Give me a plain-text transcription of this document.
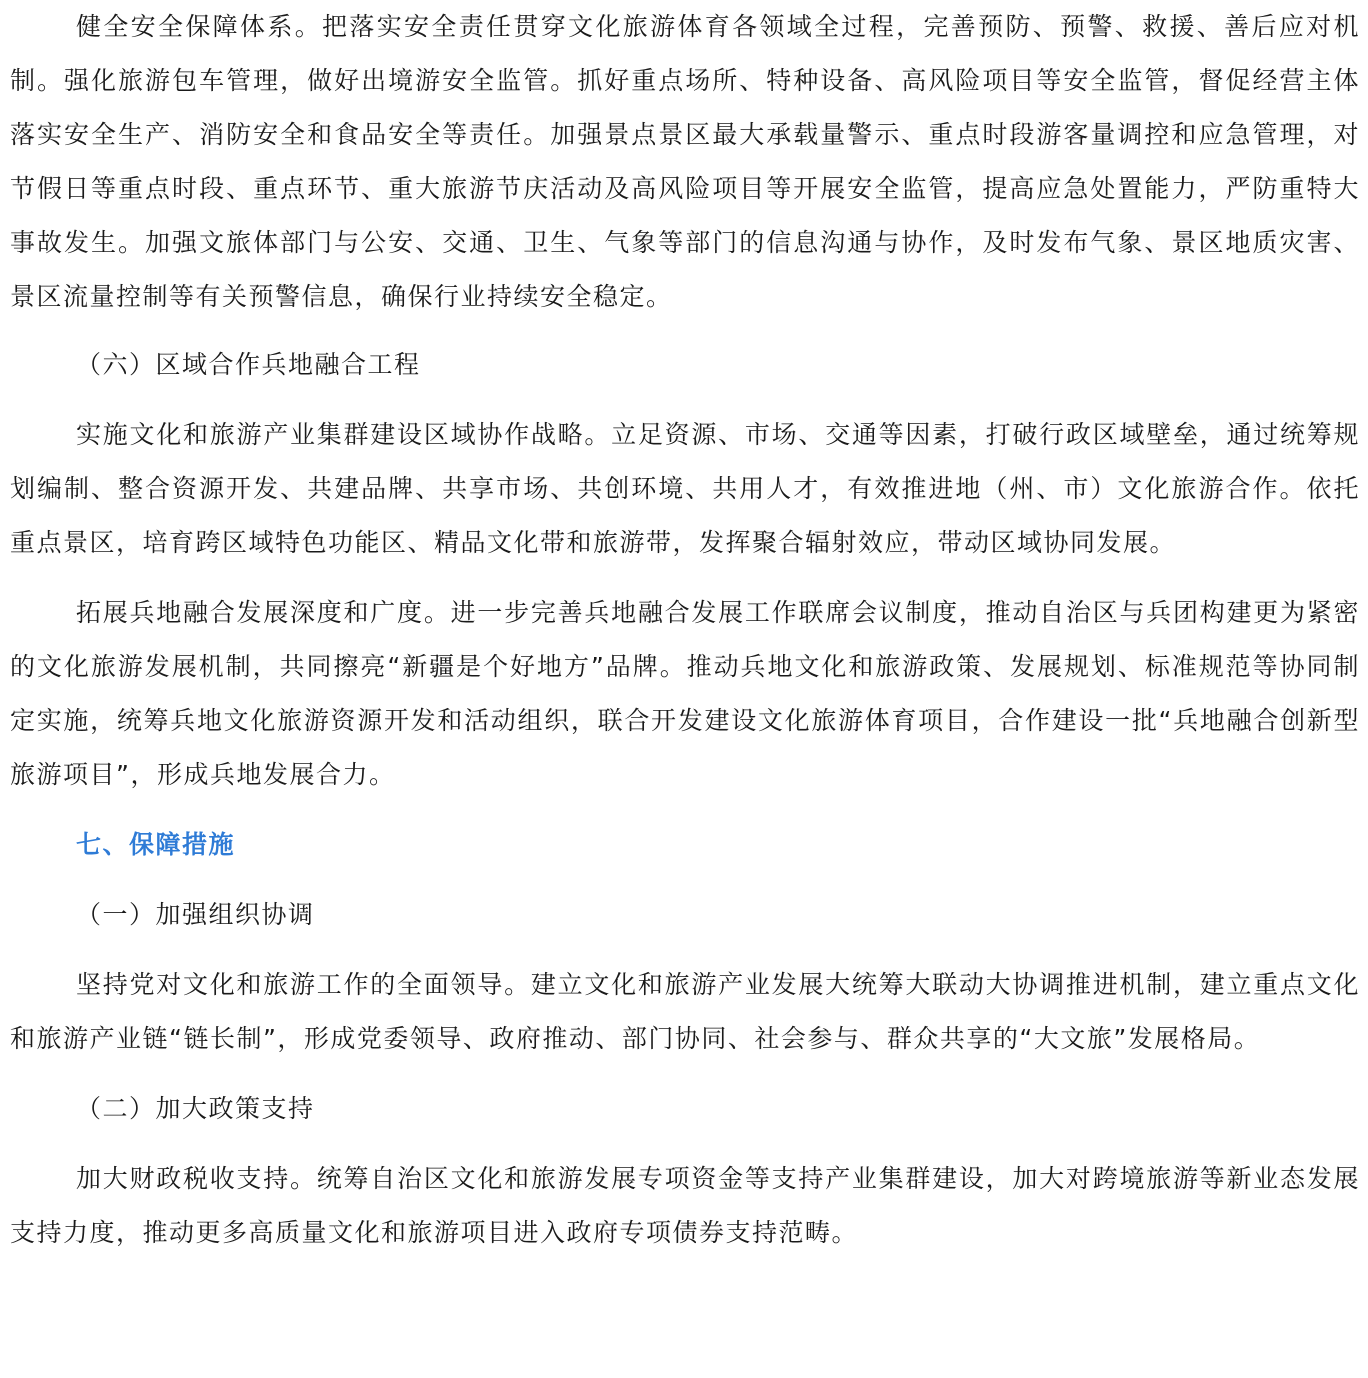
健全安全保障体系。把落实安全责任贯穿文化旅游体育各领域全过程，完善预防、预警、救援、善后应对机制。强化旅游包车管理，做好出境游安全监管。抓好重点场所、特种设备、高风险项目等安全监管，督促经营主体落实安全生产、消防安全和食品安全等责任。加强景点景区最大承载量警示、重点时段游客量调控和应急管理，对节假日等重点时段、重点环节、重大旅游节庆活动及高风险项目等开展安全监管，提高应急处置能力，严防重特大事故发生。加强文旅体部门与公安、交通、卫生、气象等部门的信息沟通与协作，及时发布气象、景区地质灾害、景区流量控制等有关预警信息，确保行业持续安全稳定。

（六）区域合作兵地融合工程

实施文化和旅游产业集群建设区域协作战略。立足资源、市场、交通等因素，打破行政区域壁垒，通过统筹规划编制、整合资源开发、共建品牌、共享市场、共创环境、共用人才，有效推进地（州、市）文化旅游合作。依托重点景区，培育跨区域特色功能区、精品文化带和旅游带，发挥聚合辐射效应，带动区域协同发展。

拓展兵地融合发展深度和广度。进一步完善兵地融合发展工作联席会议制度，推动自治区与兵团构建更为紧密的文化旅游发展机制，共同擦亮“新疆是个好地方”品牌。推动兵地文化和旅游政策、发展规划、标准规范等协同制定实施，统筹兵地文化旅游资源开发和活动组织，联合开发建设文化旅游体育项目，合作建设一批“兵地融合创新型旅游项目”，形成兵地发展合力。

七、保障措施

（一）加强组织协调

坚持党对文化和旅游工作的全面领导。建立文化和旅游产业发展大统筹大联动大协调推进机制，建立重点文化和旅游产业链“链长制”，形成党委领导、政府推动、部门协同、社会参与、群众共享的“大文旅”发展格局。

（二）加大政策支持

加大财政税收支持。统筹自治区文化和旅游发展专项资金等支持产业集群建设，加大对跨境旅游等新业态发展支持力度，推动更多高质量文化和旅游项目进入政府专项债券支持范畴。
